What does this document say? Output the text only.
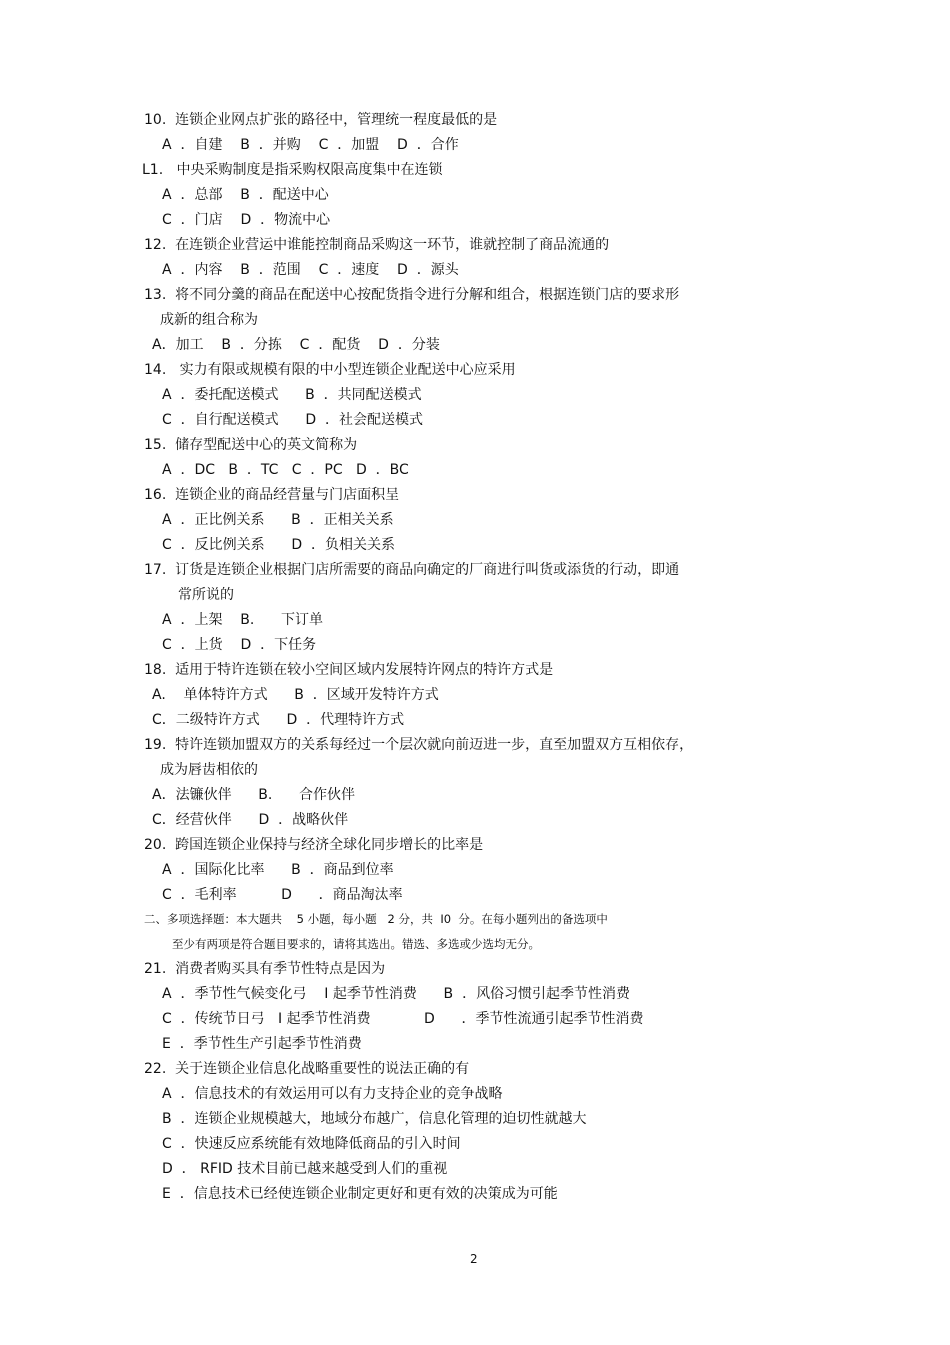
10.  连锁企业网点扩张的路径中，管理统一程度最低的是
A  ．自建    B  ．并购    C  ．加盟    D  ．合作
L1.   中央采购制度是指采购权限高度集中在连锁
A  ．总部    B  ．配送中心
C  ．门店    D  ．物流中心
12.  在连锁企业营运中谁能控制商品采购这一环节，谁就控制了商品流通的
A  ．内容    B  ．范围    C  ．速度    D  ．源头
13.  将不同分羹的商品在配送中心按配货指令进行分解和组合，根据连锁门店的要求形
成新的组合称为
A．加工    B  ．分拣    C  ．配货    D  ．分装
14.   实力有限或规模有限的中小型连锁企业配送中心应采用
A  ．委托配送模式      B  ．共同配送模式
C  ．自行配送模式      D  ．社会配送模式
15.  储存型配送中心的英文简称为
A  ．DC   B  ．TC   C  ．PC   D  ．BC
16.  连锁企业的商品经营量与门店面积呈
A  ．正比例关系      B  ．正相关关系
C  ．反比例关系      D  ．负相关关系
17.  订货是连锁企业根据门店所需要的商品向确定的厂商进行叫货或添货的行动，即通
常所说的
A  ．上架    B.      下订单
C  ．上货    D  ．下任务
18.  适用于特许连锁在较小空间区域内发展特许网点的特许方式是
A.    单体特许方式      B  ．区域开发特许方式
C．二级特许方式      D  ．代理特许方式
19.  特许连锁加盟双方的关系每经过一个层次就向前迈进一步，直至加盟双方互相依存，
成为唇齿相依的
A．法镰伙伴      B.      合作伙伴
C．经营伙伴      D  ．战略伙伴
20.  跨国连锁企业保持与经济全球化同步增长的比率是
A  ．国际化比率      B  ．商品到位率
C  ．毛利率          D      ．商品淘汰率
二、多项选择题：本大题共    5 小题，每小题   2 分，共  I0  分。在每小题列出的备选项中
至少有两项是符合题目要求的，请将其选出。错选、多选或少选均无分。
21.  消费者购买具有季节性特点是因为
A  ．季节性气候变化弓    I 起季节性消费      B  ．风俗习惯引起季节性消费
C  ．传统节日弓   I 起季节性消费            D      ．季节性流通引起季节性消费
E  ．季节性生产引起季节性消费
22.  关于连锁企业信息化战略重要性的说法正确的有
A  ．信息技术的有效运用可以有力支持企业的竞争战略
B  ．连锁企业规模越大，地域分布越广，信息化管理的迫切性就越大
C  ．快速反应系统能有效地降低商品的引入时间
D  ． RFID 技术目前已越来越受到人们的重视
E  ．信息技术已经使连锁企业制定更好和更有效的决策成为可能
2
